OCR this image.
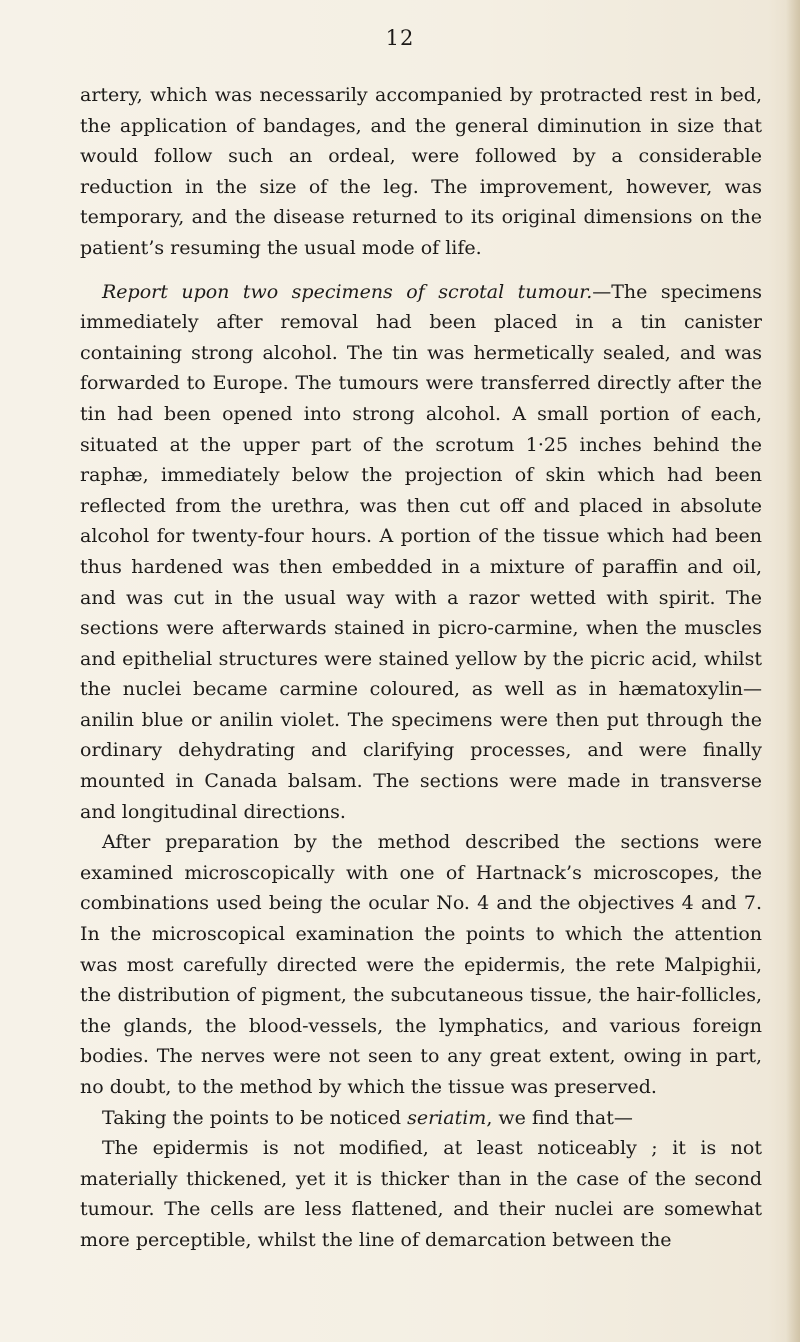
12

artery, which was necessarily accompanied by protracted rest in bed, the application of bandages, and the general diminution in size that would follow such an ordeal, were followed by a considerable reduction in the size of the leg. The improvement, however, was temporary, and the disease returned to its original dimensions on the patient’s resuming the usual mode of life.

Report upon two specimens of scrotal tumour.—The specimens immediately after removal had been placed in a tin canister containing strong alcohol. The tin was hermetically sealed, and was forwarded to Europe. The tumours were transferred directly after the tin had been opened into strong alcohol. A small portion of each, situated at the upper part of the scrotum 1·25 inches behind the raphæ, immediately below the projection of skin which had been reflected from the urethra, was then cut off and placed in absolute alcohol for twenty-four hours. A portion of the tissue which had been thus hardened was then embedded in a mixture of paraffin and oil, and was cut in the usual way with a razor wetted with spirit. The sections were afterwards stained in picro-carmine, when the muscles and epithelial structures were stained yellow by the picric acid, whilst the nuclei became carmine coloured, as well as in hæmatoxylin—anilin blue or anilin violet. The specimens were then put through the ordinary dehydrating and clarifying processes, and were finally mounted in Canada balsam. The sections were made in transverse and longitudinal directions.

After preparation by the method described the sections were examined microscopically with one of Hartnack’s microscopes, the combinations used being the ocular No. 4 and the objectives 4 and 7. In the microscopical examination the points to which the attention was most carefully directed were the epidermis, the rete Malpighii, the distribution of pigment, the subcutaneous tissue, the hair-follicles, the glands, the blood-vessels, the lymphatics, and various foreign bodies. The nerves were not seen to any great extent, owing in part, no doubt, to the method by which the tissue was preserved.

Taking the points to be noticed seriatim, we find that—

The epidermis is not modified, at least noticeably ; it is not materially thickened, yet it is thicker than in the case of the second tumour. The cells are less flattened, and their nuclei are somewhat more perceptible, whilst the line of demarcation between the
